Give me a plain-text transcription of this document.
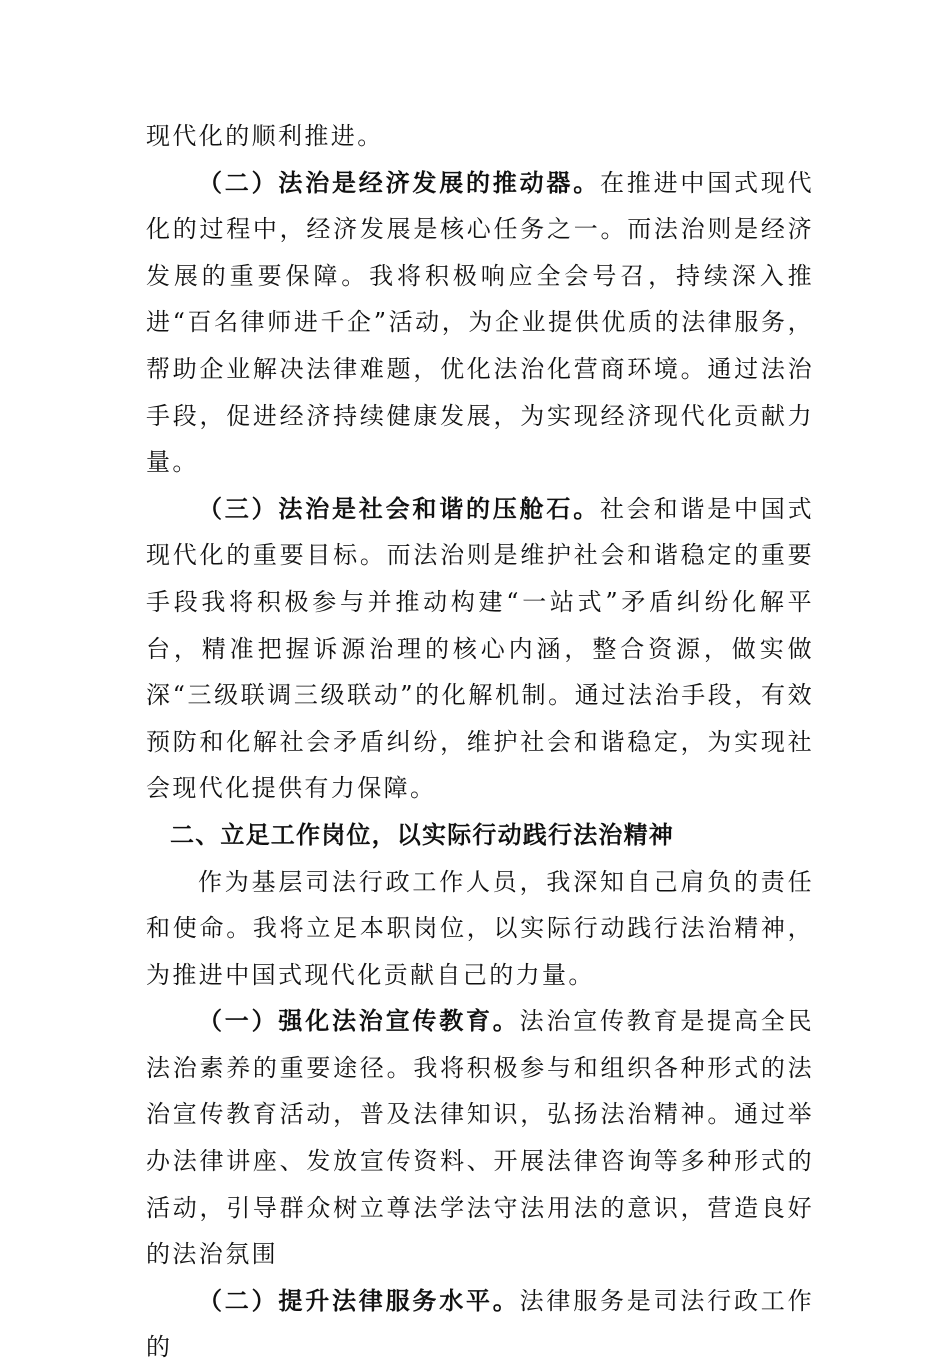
现代化的顺利推进。

（二）法治是经济发展的推动器。在推进中国式现代化的过程中，经济发展是核心任务之一。而法治则是经济发展的重要保障。我将积极响应全会号召，持续深入推进“百名律师进千企”活动，为企业提供优质的法律服务，帮助企业解决法律难题，优化法治化营商环境。通过法治手段，促进经济持续健康发展，为实现经济现代化贡献力量。

（三）法治是社会和谐的压舱石。社会和谐是中国式现代化的重要目标。而法治则是维护社会和谐稳定的重要手段我将积极参与并推动构建“一站式”矛盾纠纷化解平台，精准把握诉源治理的核心内涵，整合资源，做实做深“三级联调三级联动”的化解机制。通过法治手段，有效预防和化解社会矛盾纠纷，维护社会和谐稳定，为实现社会现代化提供有力保障。

二、立足工作岗位，以实际行动践行法治精神

作为基层司法行政工作人员，我深知自己肩负的责任和使命。我将立足本职岗位，以实际行动践行法治精神，为推进中国式现代化贡献自己的力量。

（一）强化法治宣传教育。法治宣传教育是提高全民法治素养的重要途径。我将积极参与和组织各种形式的法治宣传教育活动，普及法律知识，弘扬法治精神。通过举办法律讲座、发放宣传资料、开展法律咨询等多种形式的活动，引导群众树立尊法学法守法用法的意识，营造良好的法治氛围

（二）提升法律服务水平。法律服务是司法行政工作的
